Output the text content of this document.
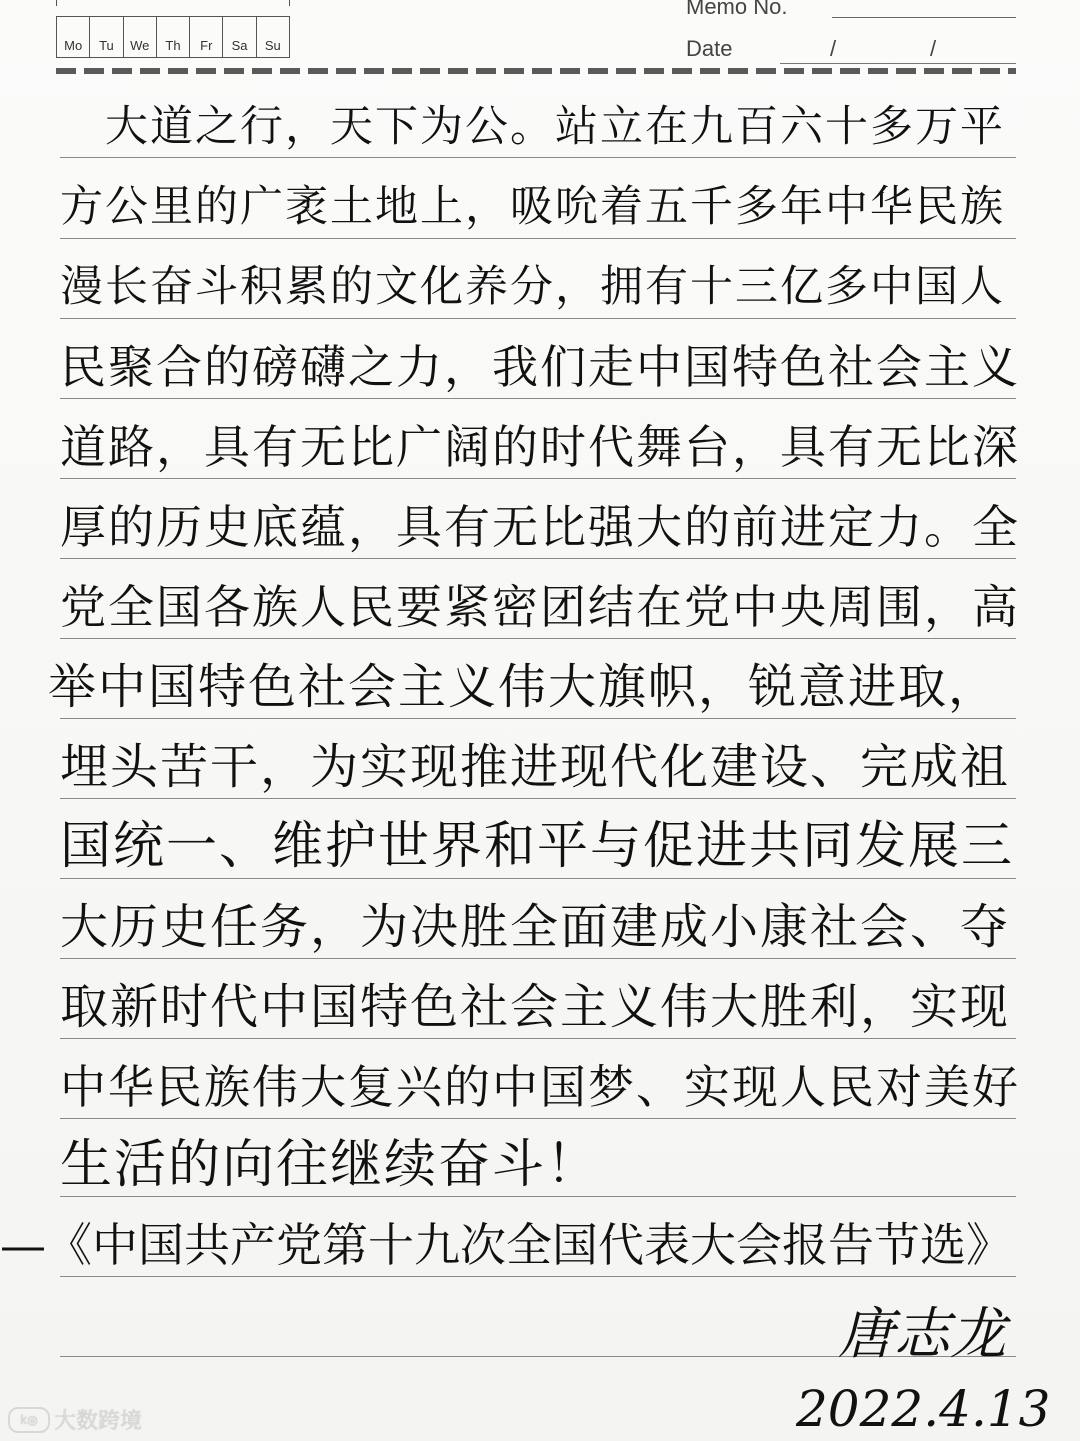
Mo	Tu	We	Th	Fr	Sa	Su
Memo No.
Date	/	/
　大道之行，天下为公。站立在九百六十多万平
方公里的广袤土地上，吸吮着五千多年中华民族
漫长奋斗积累的文化养分，拥有十三亿多中国人
民聚合的磅礴之力，我们走中国特色社会主义
道路，具有无比广阔的时代舞台，具有无比深
厚的历史底蕴，具有无比强大的前进定力。全
党全国各族人民要紧密团结在党中央周围，高
举中国特色社会主义伟大旗帜，锐意进取，
埋头苦干，为实现推进现代化建设、完成祖
国统一、维护世界和平与促进共同发展三
大历史任务，为决胜全面建成小康社会、夺
取新时代中国特色社会主义伟大胜利，实现
中华民族伟大复兴的中国梦、实现人民对美好
生活的向往继续奋斗！
—《中国共产党第十九次全国代表大会报告节选》
唐志龙
2022.4.13
k◎ 大数跨境
